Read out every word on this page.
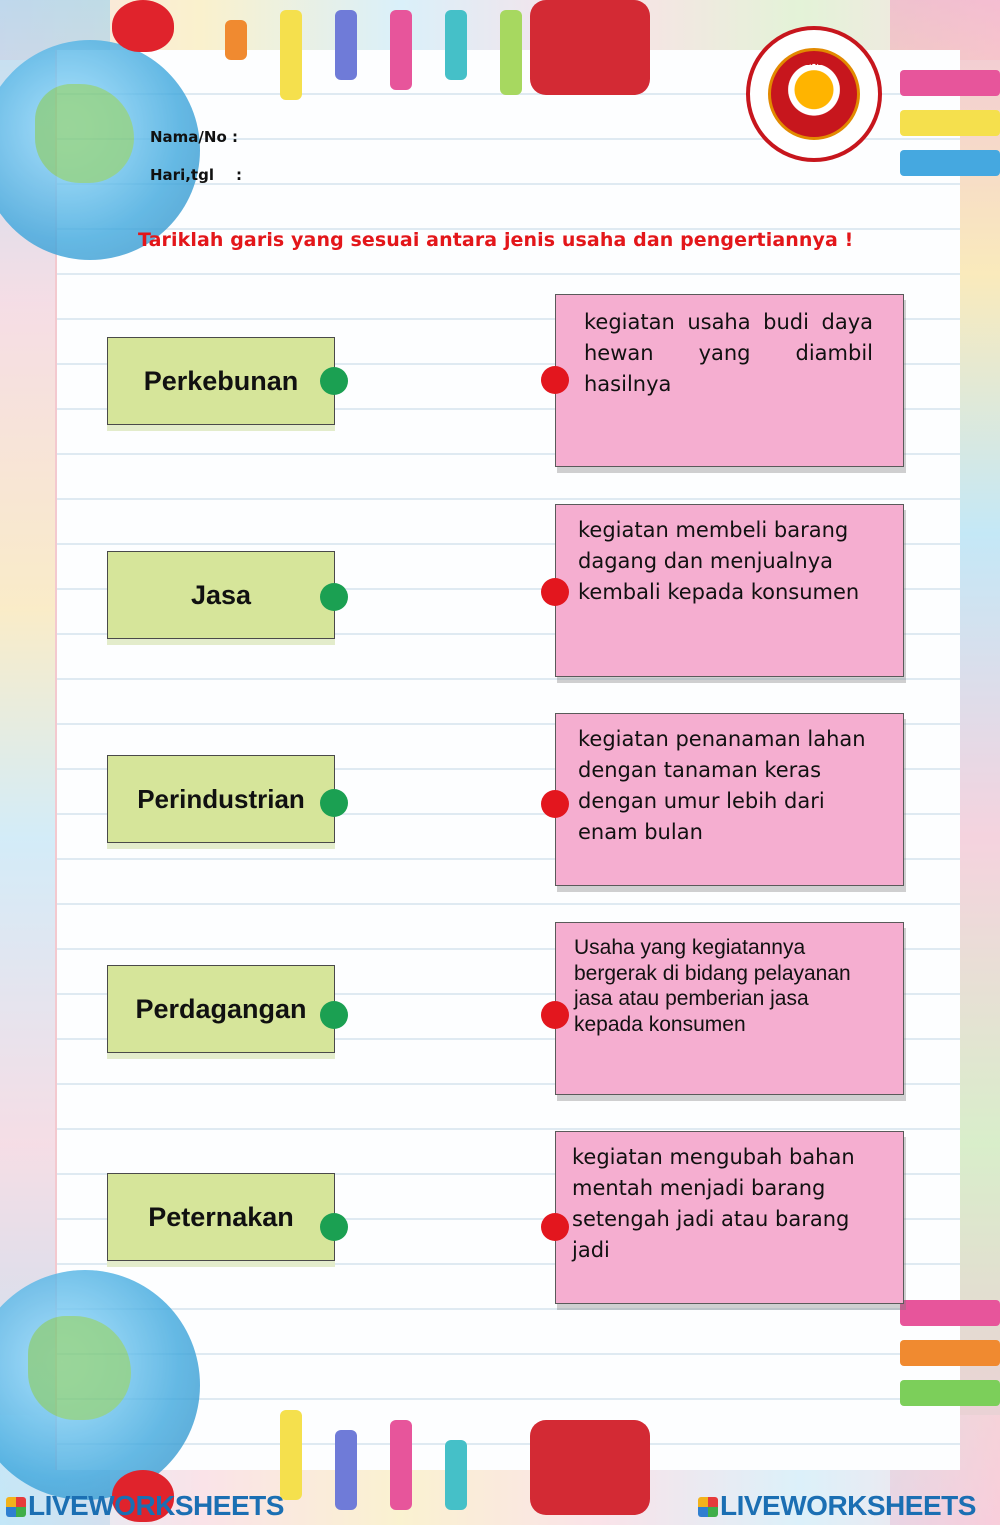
READY
Nama/No :
Hari,tgl :
Tariklah garis yang sesuai antara jenis usaha dan pengertiannya !
Perkebunan
Jasa
Perindustrian
Perdagangan
Peternakan
kegiatan usaha budi daya hewan yang diambil hasilnya
kegiatan membeli barang dagang dan menjualnya kembali kepada konsumen
kegiatan penanaman lahan dengan tanaman keras dengan umur lebih dari enam bulan
Usaha yang kegiatannya bergerak di bidang pelayanan jasa atau pemberian jasa kepada konsumen
kegiatan mengubah bahan mentah menjadi barang setengah jadi atau barang jadi
LIVEWORKSHEETS	LIVEWORKSHEETS
